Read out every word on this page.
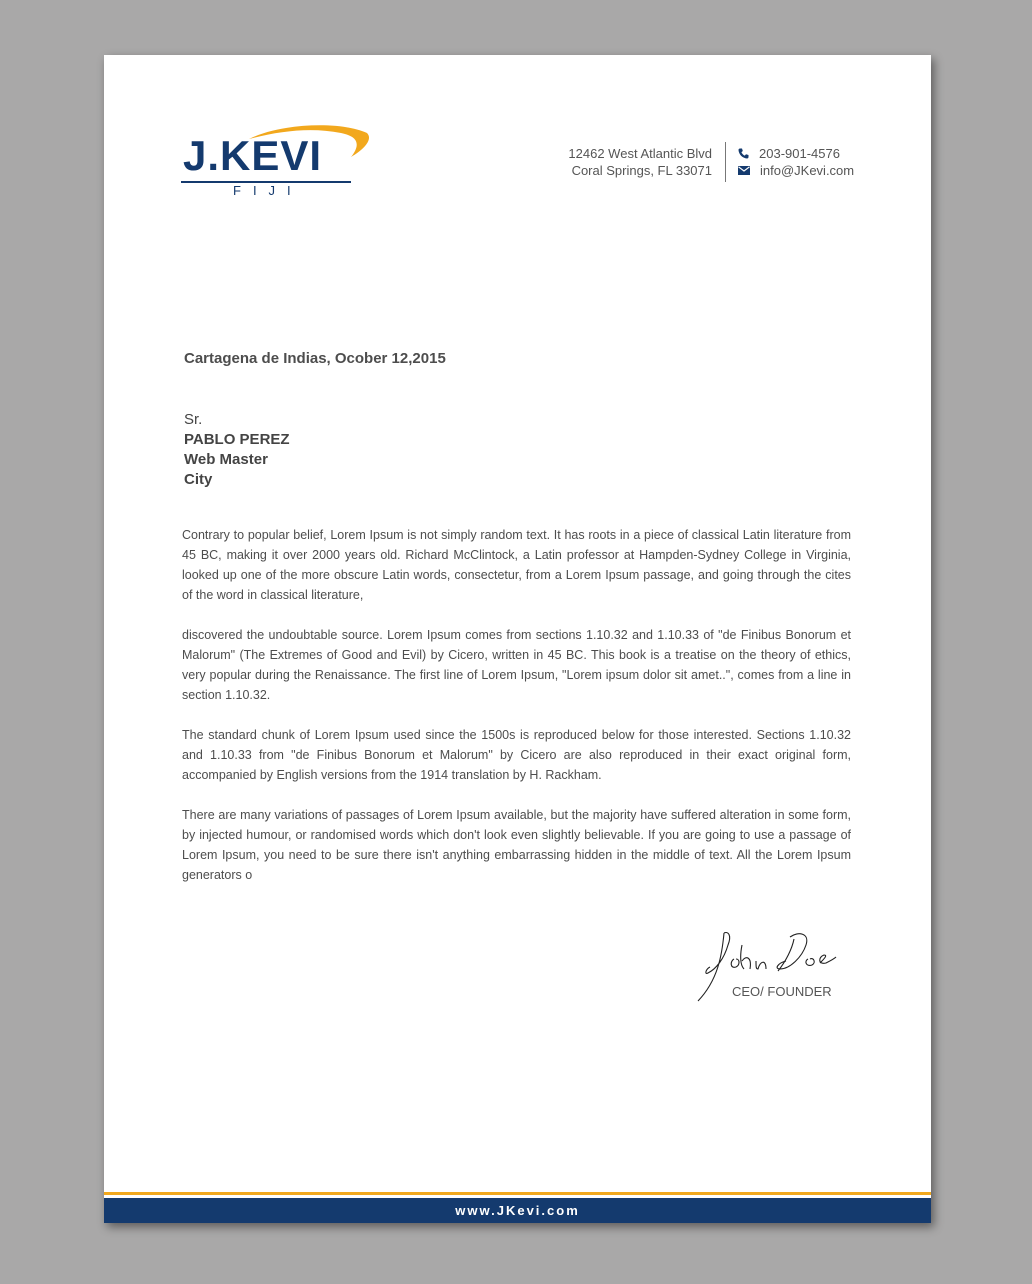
J.KEVI
FIJI
12462 West Atlantic Blvd
Coral Springs, FL 33071
203-901-4576
info@JKevi.com
Cartagena de Indias, Ocober 12,2015
Sr.
PABLO PEREZ
Web Master
City

Contrary to popular belief, Lorem Ipsum is not simply random text. It has roots in a piece of classical Latin literature from 45 BC, making it over 2000 years old. Richard McClintock, a Latin professor at Hampden-Sydney College in Virginia, looked up one of the more obscure Latin words, consectetur, from a Lorem Ipsum passage, and going through the cites of the word in classical literature,

discovered the undoubtable source. Lorem Ipsum comes from sections 1.10.32 and 1.10.33 of "de Finibus Bonorum et Malorum" (The Extremes of Good and Evil) by Cicero, written in 45 BC. This book is a treatise on the theory of ethics, very popular during the Renaissance. The first line of Lorem Ipsum, "Lorem ipsum dolor sit amet..", comes from a line in section 1.10.32.

The standard chunk of Lorem Ipsum used since the 1500s is reproduced below for those interested. Sections 1.10.32 and 1.10.33 from "de Finibus Bonorum et Malorum" by Cicero are also reproduced in their exact original form, accompanied by English versions from the 1914 translation by H. Rackham.

There are many variations of passages of Lorem Ipsum available, but the majority have suffered alteration in some form, by injected humour, or randomised words which don't look even slightly believable. If you are going to use a passage of Lorem Ipsum, you need to be sure there isn't anything embarrassing hidden in the middle of text. All the Lorem Ipsum generators o

CEO/ FOUNDER
www.JKevi.com
